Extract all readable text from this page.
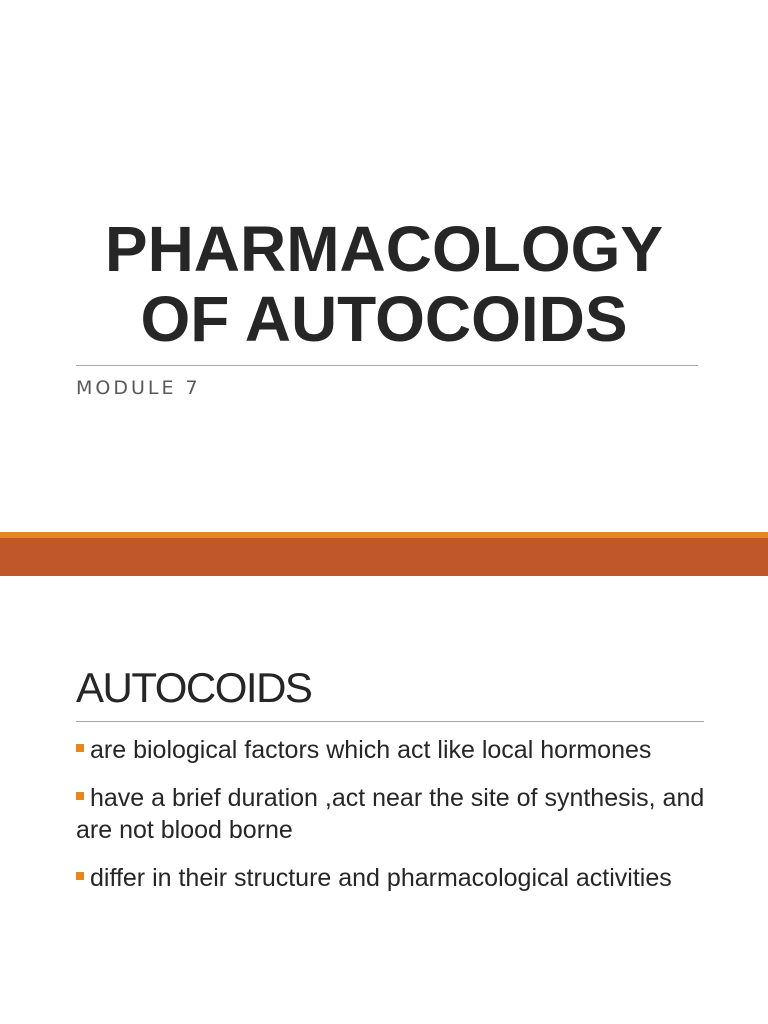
PHARMACOLOGY
OF AUTOCOIDS
MODULE 7
AUTOCOIDS
are biological factors which act like local hormones
have a brief duration ,act near the site of synthesis, and are not blood borne
differ in their structure and pharmacological activities
